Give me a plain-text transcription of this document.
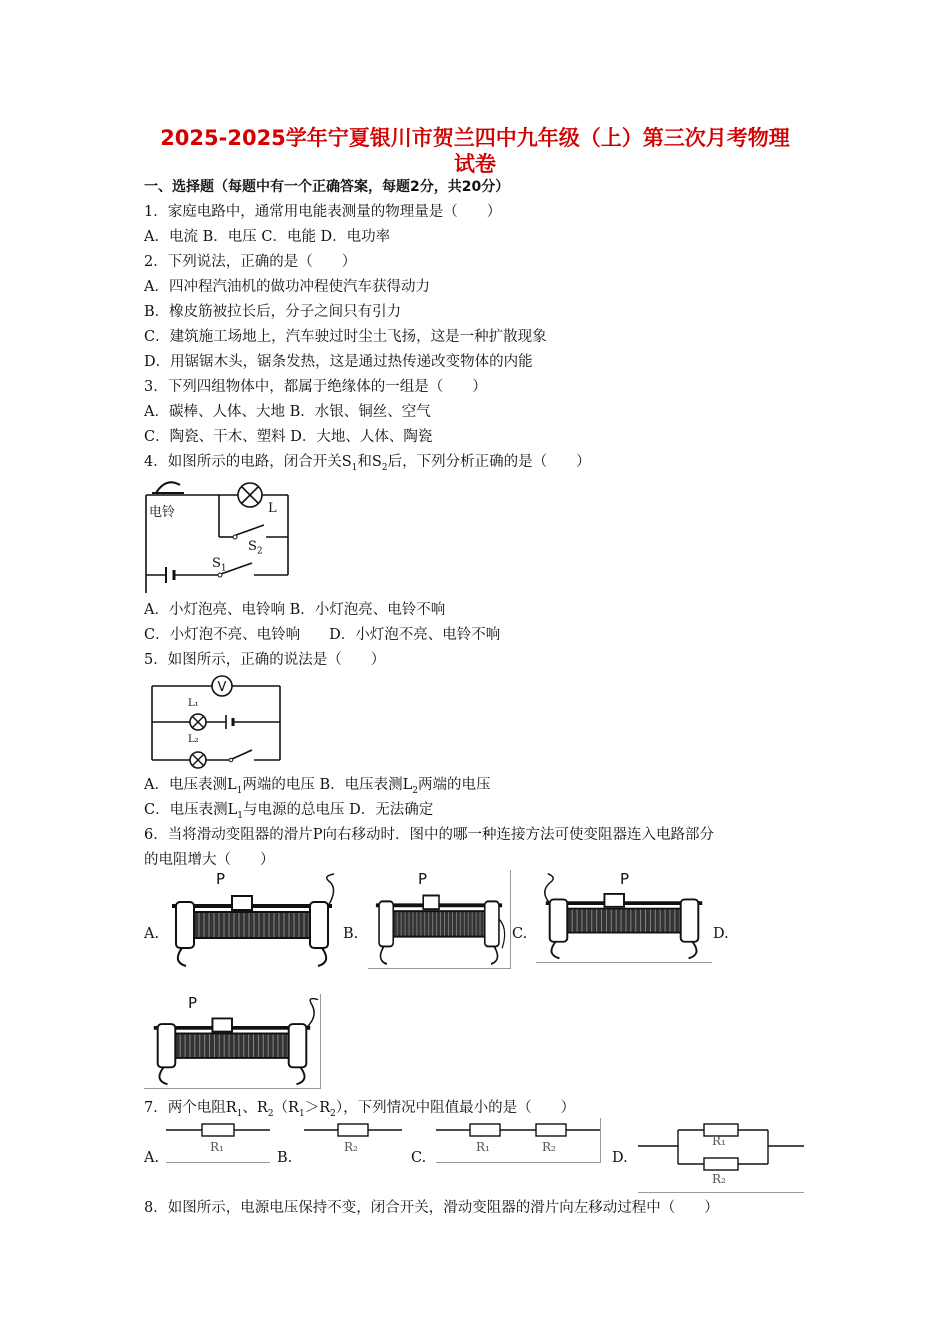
2025-2025学年宁夏银川市贺兰四中九年级（上）第三次月考物理
试卷
一、选择题（每题中有一个正确答案，每题2分，共20分）
1．家庭电路中，通常用电能表测量的物理量是（　　）
A．电流 B．电压 C．电能 D．电功率
2．下列说法，正确的是（　　）
A．四冲程汽油机的做功冲程使汽车获得动力
B．橡皮筋被拉长后，分子之间只有引力
C．建筑施工场地上，汽车驶过时尘土飞扬，这是一种扩散现象
D．用锯锯木头，锯条发热，这是通过热传递改变物体的内能
3．下列四组物体中，都属于绝缘体的一组是（　　）
A．碳棒、人体、大地 B．水银、铜丝、空气
C．陶瓷、干木、塑料 D．大地、人体、陶瓷
4．如图所示的电路，闭合开关$S_1$和$S_2$后，下列分析正确的是（　　）
电铃	L
$S_2$
$S_1$
A．小灯泡亮、电铃响 B．小灯泡亮、电铃不响
C．小灯泡不亮、电铃响　　D．小灯泡不亮、电铃不响
5．如图所示，正确的说法是（　　）
V
L₁
L₂
A．电压表测$L_1$两端的电压 B．电压表测$L_2$两端的电压
C．电压表测$L_1$与电源的总电压 D．无法确定
6．当将滑动变阻器的滑片P向右移动时．图中的哪一种连接方法可使变阻器连入电路部分
的电阻增大（　　）
P
A.
P
B.
P
C.	D.
P
7．两个电阻$R_1$、$R_2(R_1>R_2)$，下列情况中阻值最小的是（　　）
A.
R₁
B.
R₂
C.
R₁	R₂
D.
R₁
R₂
8．如图所示，电源电压保持不变，闭合开关，滑动变阻器的滑片向左移动过程中（　　）
